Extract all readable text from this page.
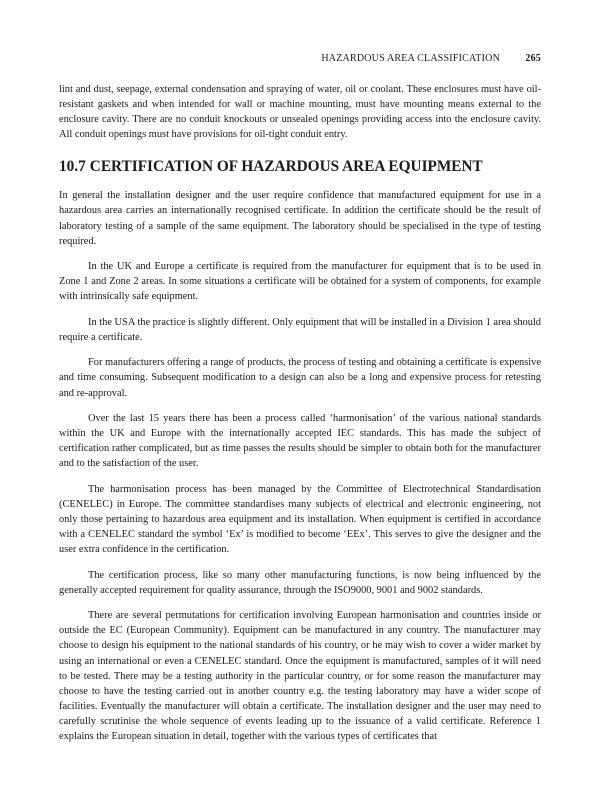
HAZARDOUS AREA CLASSIFICATION	265

lint and dust, seepage, external condensation and spraying of water, oil or coolant. These enclosures must have oil-resistant gaskets and when intended for wall or machine mounting, must have mounting means external to the enclosure cavity. There are no conduit knockouts or unsealed openings providing access into the enclosure cavity. All conduit openings must have provisions for oil-tight conduit entry.

10.7 CERTIFICATION OF HAZARDOUS AREA EQUIPMENT

In general the installation designer and the user require confidence that manufactured equipment for use in a hazardous area carries an internationally recognised certificate. In addition the certificate should be the result of laboratory testing of a sample of the same equipment. The laboratory should be specialised in the type of testing required.

In the UK and Europe a certificate is required from the manufacturer for equipment that is to be used in Zone 1 and Zone 2 areas. In some situations a certificate will be obtained for a system of components, for example with intrinsically safe equipment.

In the USA the practice is slightly different. Only equipment that will be installed in a Division 1 area should require a certificate.

For manufacturers offering a range of products, the process of testing and obtaining a certificate is expensive and time consuming. Subsequent modification to a design can also be a long and expensive process for retesting and re-approval.

Over the last 15 years there has been a process called ‘harmonisation’ of the various national standards within the UK and Europe with the internationally accepted IEC standards. This has made the subject of certification rather complicated, but as time passes the results should be simpler to obtain both for the manufacturer and to the satisfaction of the user.

The harmonisation process has been managed by the Committee of Electrotechnical Standardisation (CENELEC) in Europe. The committee standardises many subjects of electrical and electronic engineering, not only those pertaining to hazardous area equipment and its installation. When equipment is certified in accordance with a CENELEC standard the symbol ‘Ex’ is modified to become ‘EEx’. This serves to give the designer and the user extra confidence in the certification.

The certification process, like so many other manufacturing functions, is now being influenced by the generally accepted requirement for quality assurance, through the ISO9000, 9001 and 9002 standards.

There are several permutations for certification involving European harmonisation and countries inside or outside the EC (European Community). Equipment can be manufactured in any country. The manufacturer may choose to design his equipment to the national standards of his country, or he may wish to cover a wider market by using an international or even a CENELEC standard. Once the equipment is manufactured, samples of it will need to be tested. There may be a testing authority in the particular country, or for some reason the manufacturer may choose to have the testing carried out in another country e.g. the testing laboratory may have a wider scope of facilities. Eventually the manufacturer will obtain a certificate. The installation designer and the user may need to carefully scrutinise the whole sequence of events leading up to the issuance of a valid certificate. Reference 1 explains the European situation in detail, together with the various types of certificates that
